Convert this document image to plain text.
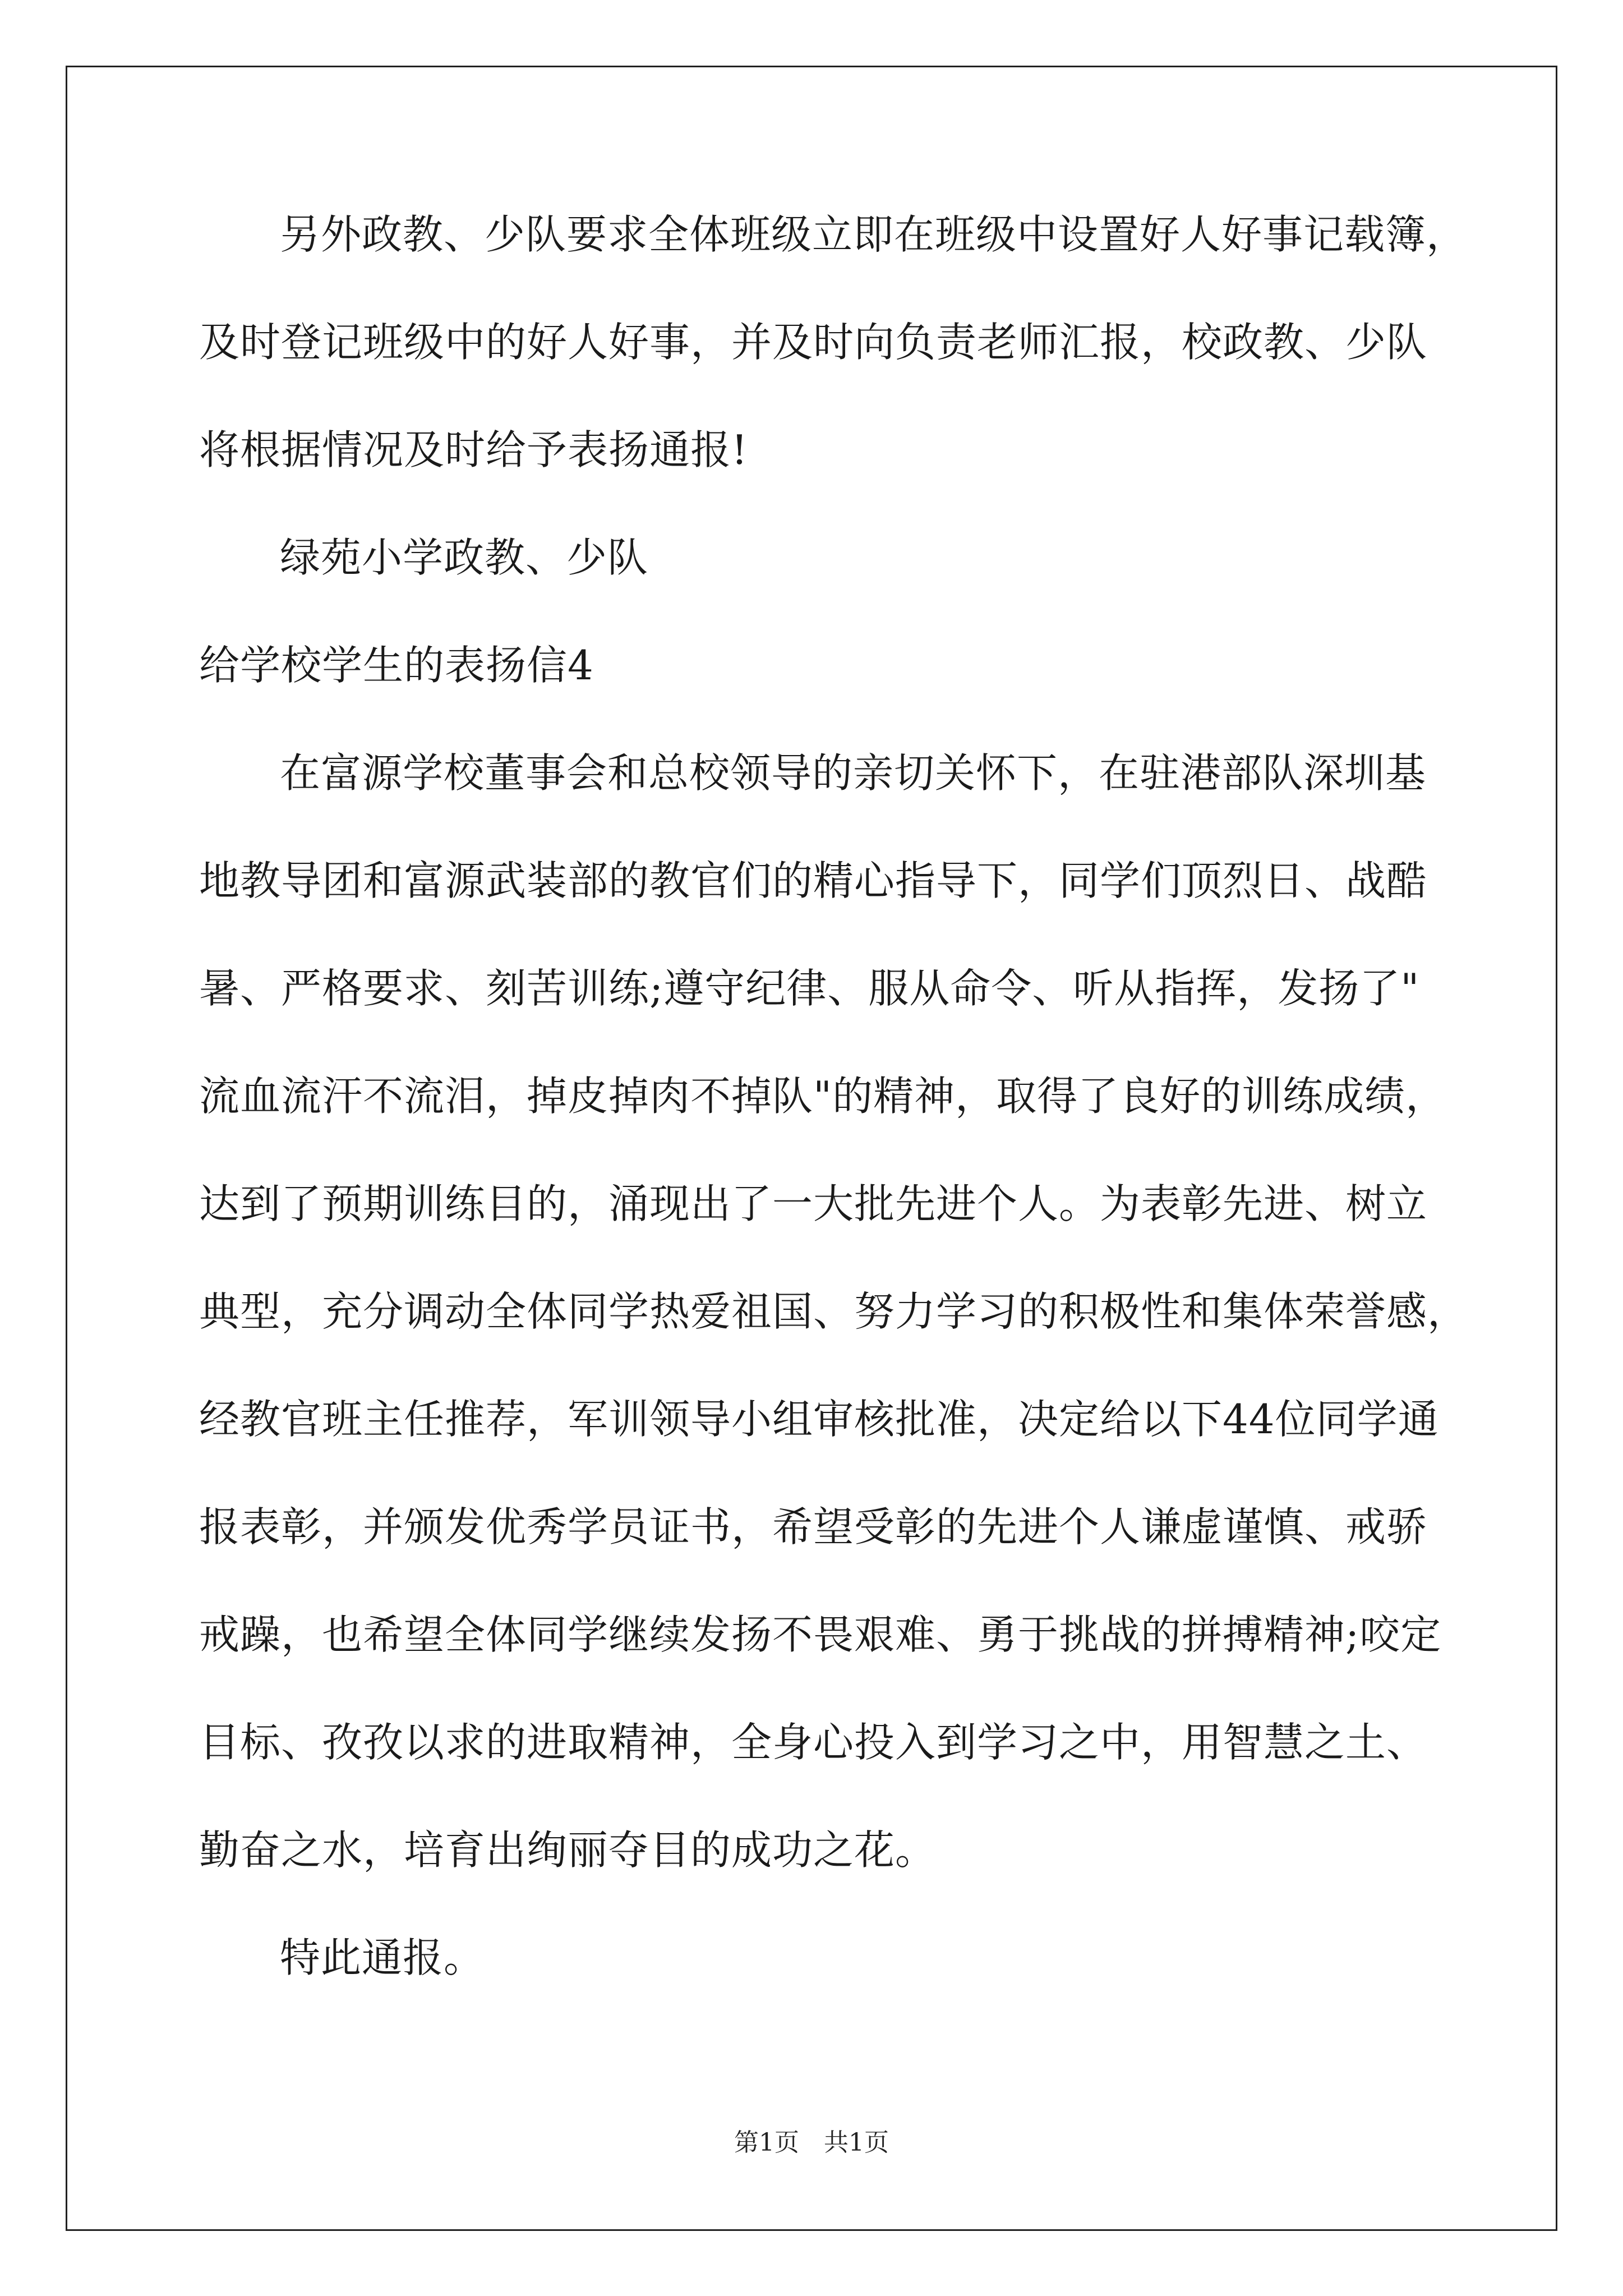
另外政教、少队要求全体班级立即在班级中设置好人好事记载簿，
及时登记班级中的好人好事，并及时向负责老师汇报，校政教、少队
将根据情况及时给予表扬通报!
绿苑小学政教、少队
给学校学生的表扬信4
在富源学校董事会和总校领导的亲切关怀下，在驻港部队深圳基
地教导团和富源武装部的教官们的精心指导下，同学们顶烈日、战酷
暑、严格要求、刻苦训练;遵守纪律、服从命令、听从指挥，发扬了"
流血流汗不流泪，掉皮掉肉不掉队"的精神，取得了良好的训练成绩，
达到了预期训练目的，涌现出了一大批先进个人。为表彰先进、树立
典型，充分调动全体同学热爱祖国、努力学习的积极性和集体荣誉感，
经教官班主任推荐，军训领导小组审核批准，决定给以下44位同学通
报表彰，并颁发优秀学员证书，希望受彰的先进个人谦虚谨慎、戒骄
戒躁，也希望全体同学继续发扬不畏艰难、勇于挑战的拼搏精神;咬定
目标、孜孜以求的进取精神，全身心投入到学习之中，用智慧之土、
勤奋之水，培育出绚丽夺目的成功之花。
特此通报。
第1页　共1页
